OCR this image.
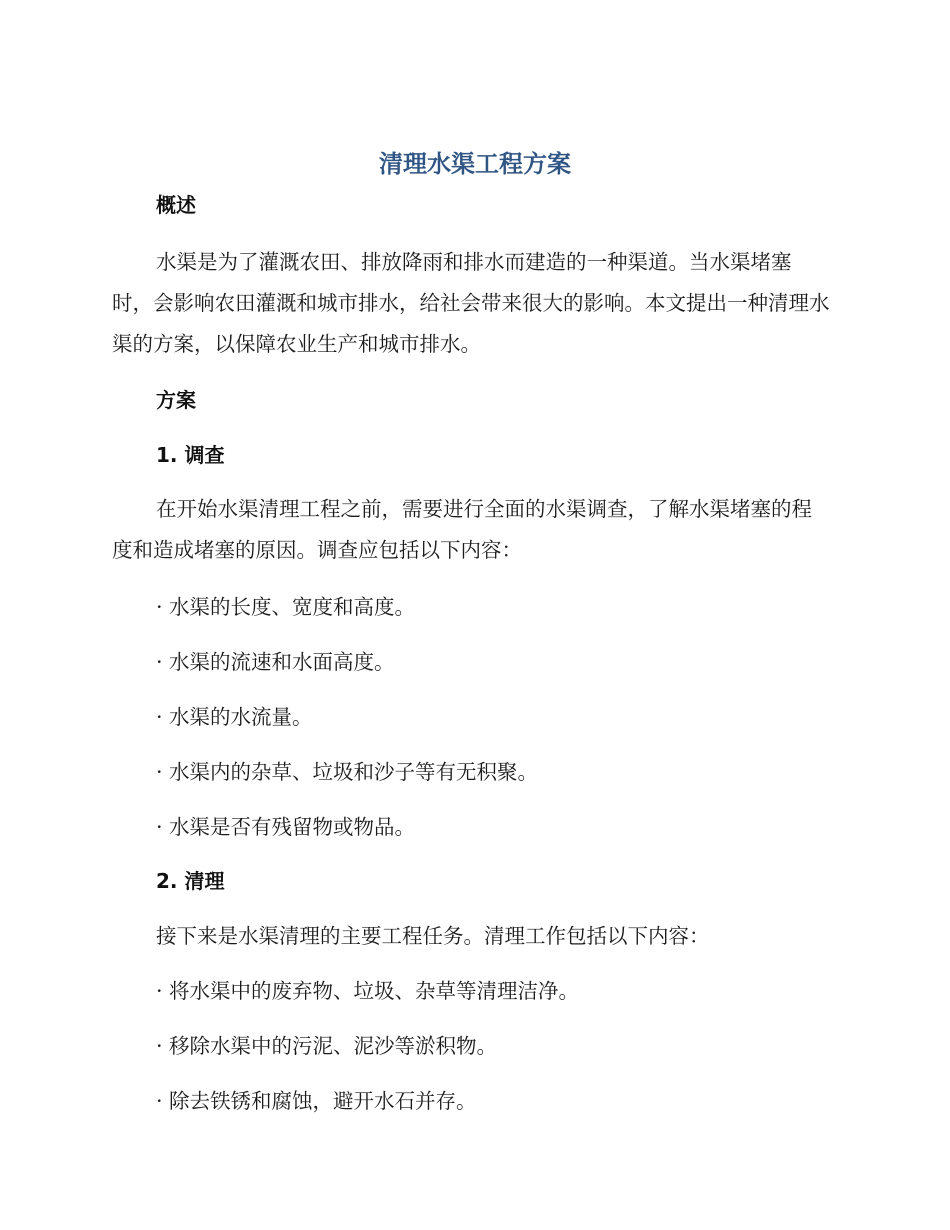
清理水渠工程方案
概述
水渠是为了灌溉农田、排放降雨和排水而建造的一种渠道。当水渠堵塞时，会影响农田灌溉和城市排水，给社会带来很大的影响。本文提出一种清理水渠的方案，以保障农业生产和城市排水。
方案
1. 调查
在开始水渠清理工程之前，需要进行全面的水渠调查，了解水渠堵塞的程度和造成堵塞的原因。调查应包括以下内容：
· 水渠的长度、宽度和高度。
· 水渠的流速和水面高度。
· 水渠的水流量。
· 水渠内的杂草、垃圾和沙子等有无积聚。
· 水渠是否有残留物或物品。
2. 清理
接下来是水渠清理的主要工程任务。清理工作包括以下内容：
· 将水渠中的废弃物、垃圾、杂草等清理洁净。
· 移除水渠中的污泥、泥沙等淤积物。
· 除去铁锈和腐蚀，避开水石并存。
